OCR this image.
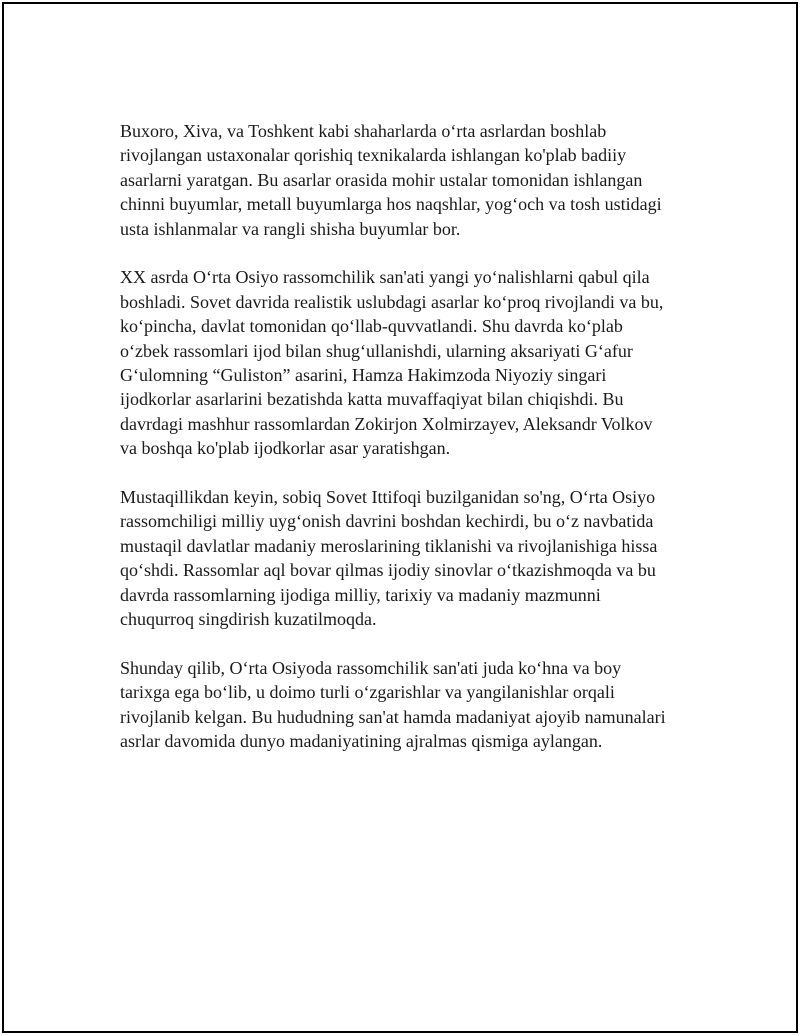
Buxoro, Xiva, va Toshkent kabi shaharlarda oʻrta asrlardan boshlab
rivojlangan ustaxonalar qorishiq texnikalarda ishlangan ko'plab badiiy
asarlarni yaratgan. Bu asarlar orasida mohir ustalar tomonidan ishlangan
chinni buyumlar, metall buyumlarga hos naqshlar, yogʻoch va tosh ustidagi
usta ishlanmalar va rangli shisha buyumlar bor.

XX asrda Oʻrta Osiyo rassomchilik san'ati yangi yoʻnalishlarni qabul qila
boshladi. Sovet davrida realistik uslubdagi asarlar koʻproq rivojlandi va bu,
koʻpincha, davlat tomonidan qoʻllab-quvvatlandi. Shu davrda koʻplab
oʻzbek rassomlari ijod bilan shugʻullanishdi, ularning aksariyati Gʻafur
Gʻulomning “Guliston” asarini, Hamza Hakimzoda Niyoziy singari
ijodkorlar asarlarini bezatishda katta muvaffaqiyat bilan chiqishdi. Bu
davrdagi mashhur rassomlardan Zokirjon Xolmirzayev, Aleksandr Volkov
va boshqa ko'plab ijodkorlar asar yaratishgan.

Mustaqillikdan keyin, sobiq Sovet Ittifoqi buzilganidan so'ng, Oʻrta Osiyo
rassomchiligi milliy uygʻonish davrini boshdan kechirdi, bu oʻz navbatida
mustaqil davlatlar madaniy meroslarining tiklanishi va rivojlanishiga hissa
qoʻshdi. Rassomlar aql bovar qilmas ijodiy sinovlar oʻtkazishmoqda va bu
davrda rassomlarning ijodiga milliy, tarixiy va madaniy mazmunni
chuqurroq singdirish kuzatilmoqda.

Shunday qilib, Oʻrta Osiyoda rassomchilik san'ati juda koʻhna va boy
tarixga ega boʻlib, u doimo turli oʻzgarishlar va yangilanishlar orqali
rivojlanib kelgan. Bu hududning san'at hamda madaniyat ajoyib namunalari
asrlar davomida dunyo madaniyatining ajralmas qismiga aylangan.
